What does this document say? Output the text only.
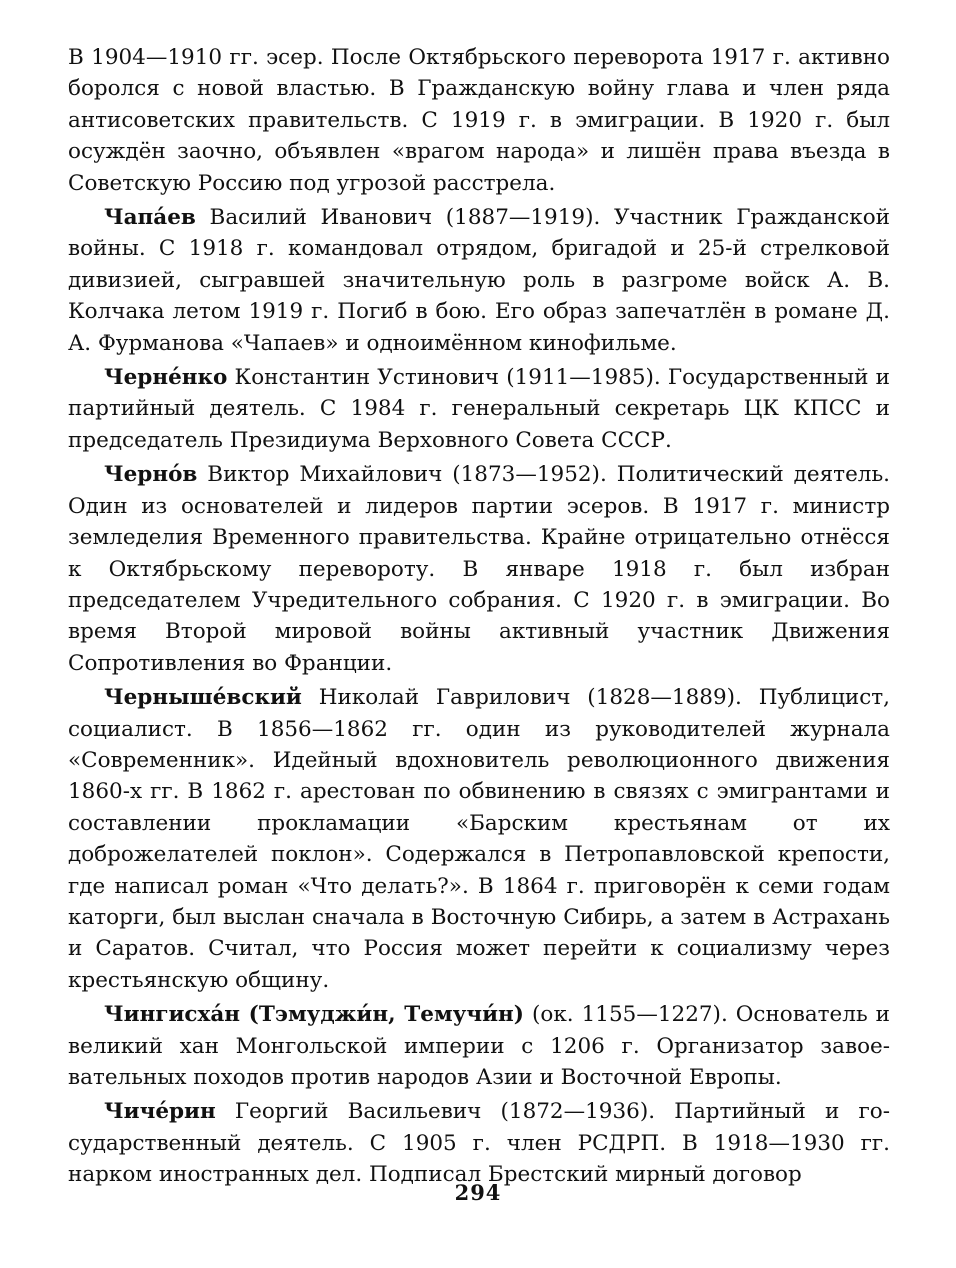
В 1904—1910 гг. эсер. После Октябрьского переворота 1917 г. активно боролся с новой властью. В Гражданскую войну глава и член ряда антисоветских правительств. С 1919 г. в эмиграции. В 1920 г. был осуждён заочно, объявлен «врагом народа» и лишён права въезда в Советскую Россию под угрозой расстрела.

Чапа́ев Василий Иванович (1887—1919). Участник Гражданской войны. С 1918 г. командовал отрядом, бригадой и 25-й стрелковой дивизией, сыгравшей значительную роль в разгроме войск А. В. Колчака летом 1919 г. Погиб в бою. Его образ запечатлён в романе Д. А. Фурманова «Чапаев» и одноимённом кинофильме.

Черне́нко Константин Устинович (1911—1985). Государственный и партийный деятель. С 1984 г. генеральный секретарь ЦК КПСС и председатель Президиума Верховного Совета СССР.

Черно́в Виктор Михайлович (1873—1952). Политический деятель. Один из основателей и лидеров партии эсеров. В 1917 г. министр земледелия Временного правительства. Крайне отрицательно отнёсся к Октябрьскому перевороту. В январе 1918 г. был избран председателем Учредительного собрания. С 1920 г. в эмиграции. Во время Второй мировой войны активный участник Движения Сопротивления во Франции.

Черныше́вский Николай Гаврилович (1828—1889). Публицист, социалист. В 1856—1862 гг. один из руководителей журнала «Современник». Идейный вдохновитель революционного движения 1860-х гг. В 1862 г. арестован по обвинению в связях с эмигрантами и составлении прокламации «Барским крестьянам от их доброжелателей поклон». Содержался в Петропавловской крепости, где написал роман «Что делать?». В 1864 г. приговорён к семи годам каторги, был выслан сначала в Восточную Сибирь, а затем в Астрахань и Саратов. Считал, что Россия может перейти к социализму через крестьянскую общину.

Чингисха́н (Тэмуджи́н, Темучи́н) (ок. 1155—1227). Основатель и великий хан Монгольской империи с 1206 г. Организатор завоевательных походов против народов Азии и Восточной Европы.

Чиче́рин Георгий Васильевич (1872—1936). Партийный и государственный деятель. С 1905 г. член РСДРП. В 1918—1930 гг. нарком иностранных дел. Подписал Брестский мирный договор

294
